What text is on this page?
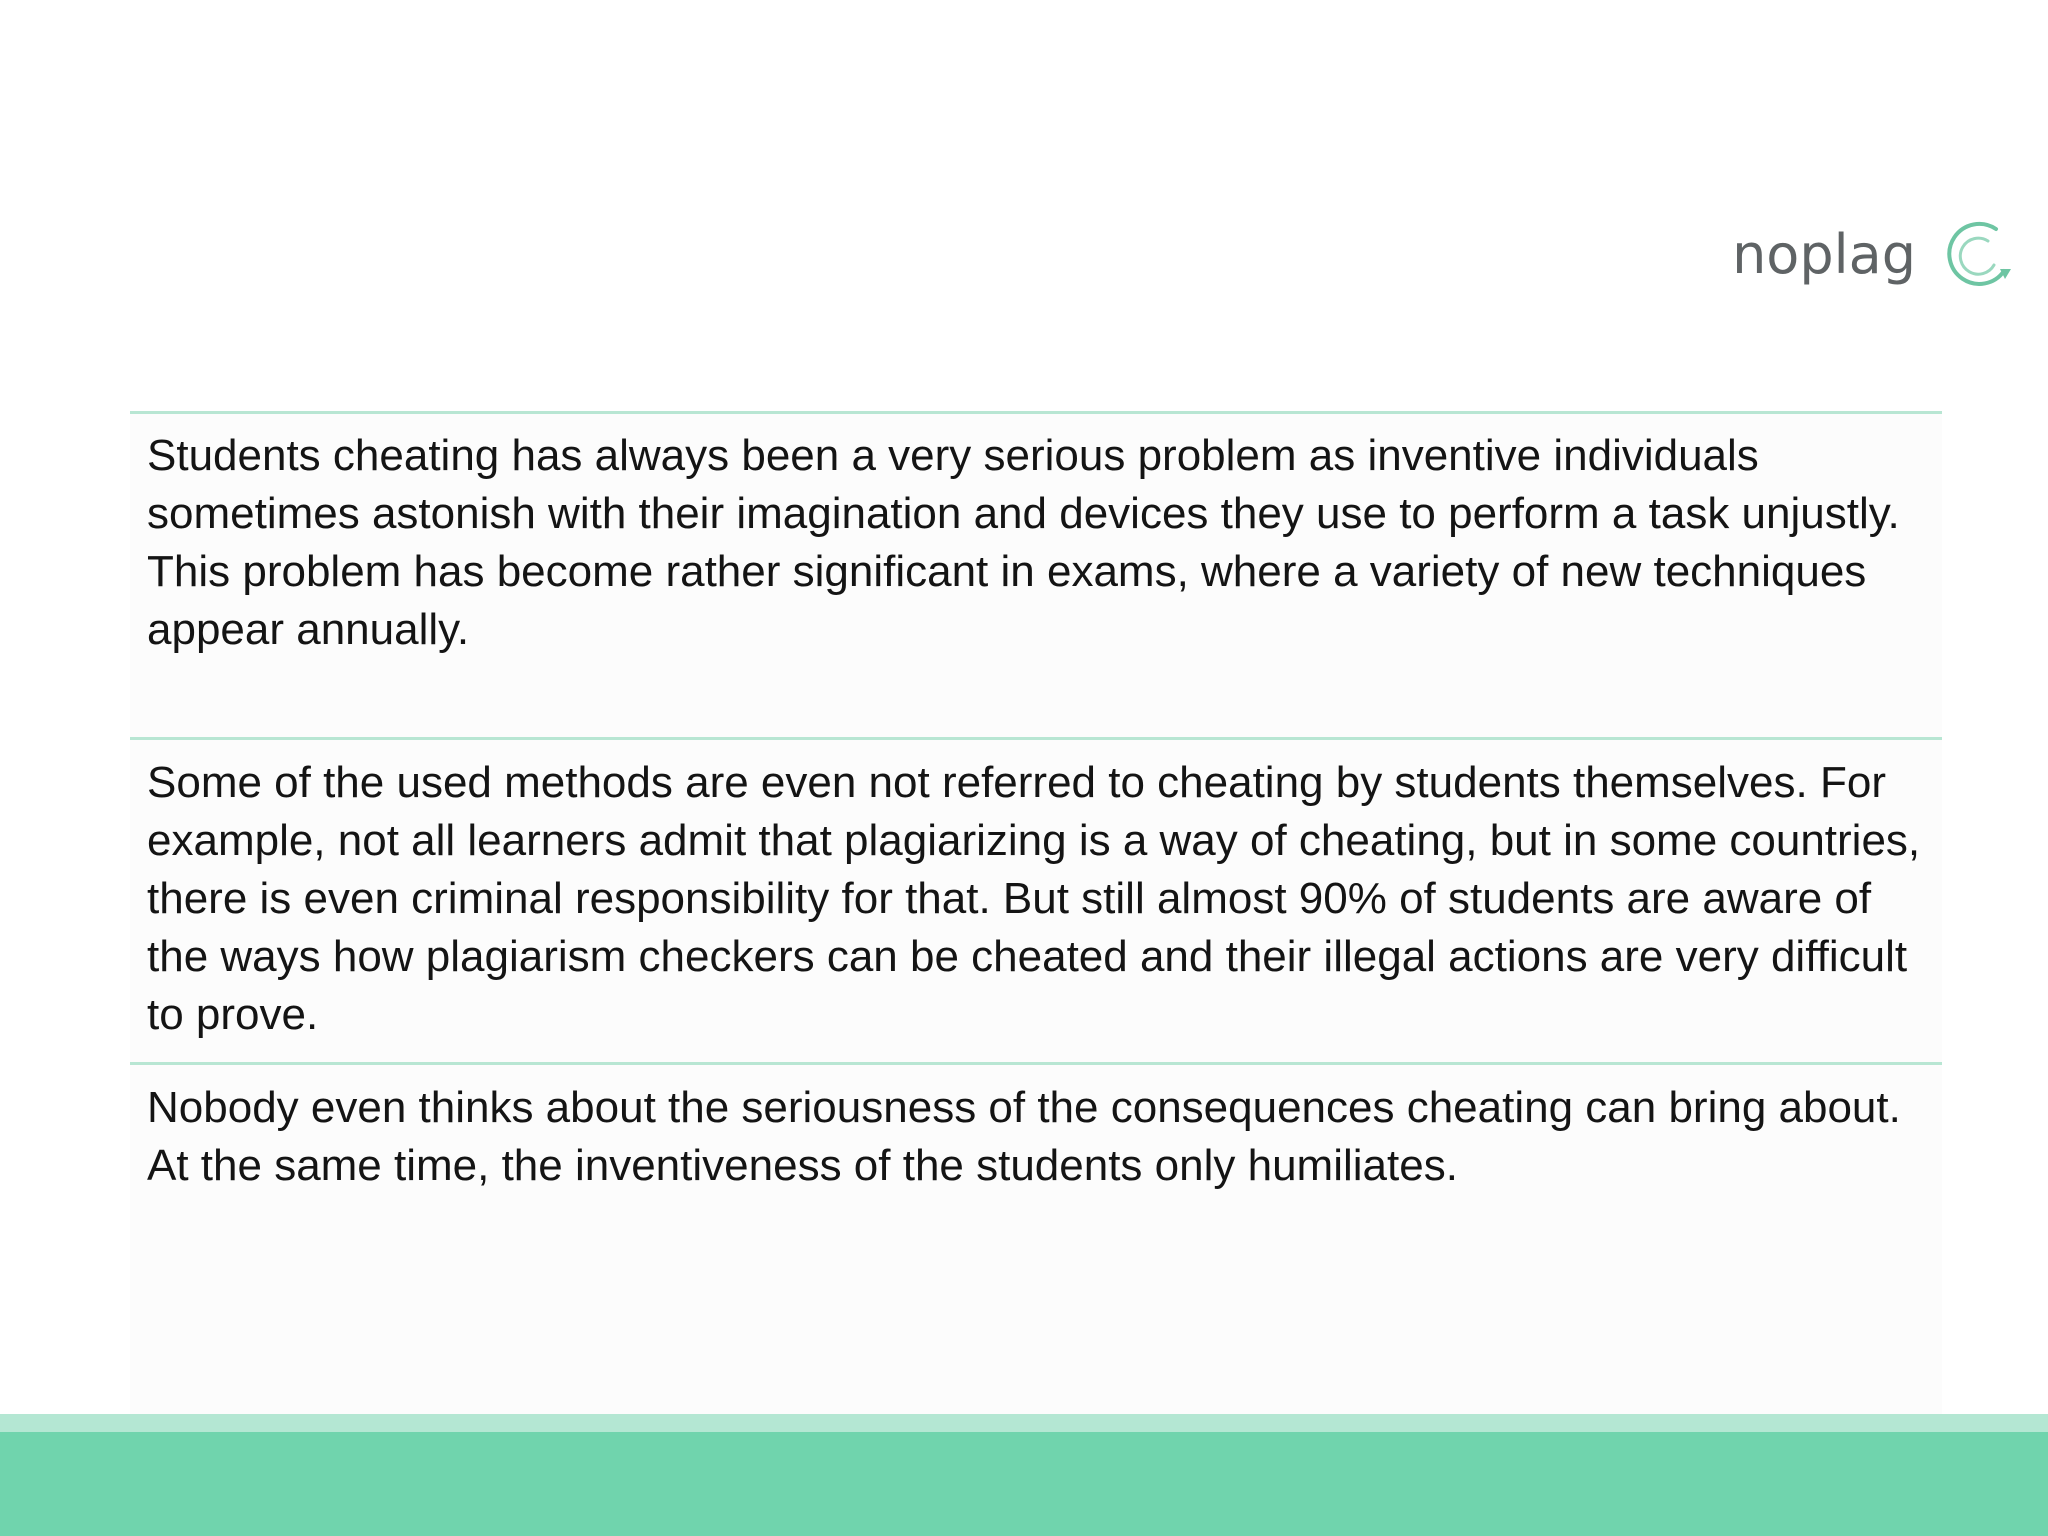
noplag

Students cheating has always been a very serious problem as inventive individuals sometimes astonish with their imagination and devices they use to perform a task unjustly. This problem has become rather significant in exams, where a variety of new techniques appear annually.

Some of the used methods are even not referred to cheating by students themselves. For example, not all learners admit that plagiarizing is a way of cheating, but in some countries, there is even criminal responsibility for that. But still almost 90% of students are aware of the ways how plagiarism checkers can be cheated and their illegal actions are very difficult to prove.

Nobody even thinks about the seriousness of the consequences cheating can bring about. At the same time, the inventiveness of the students only humiliates.
